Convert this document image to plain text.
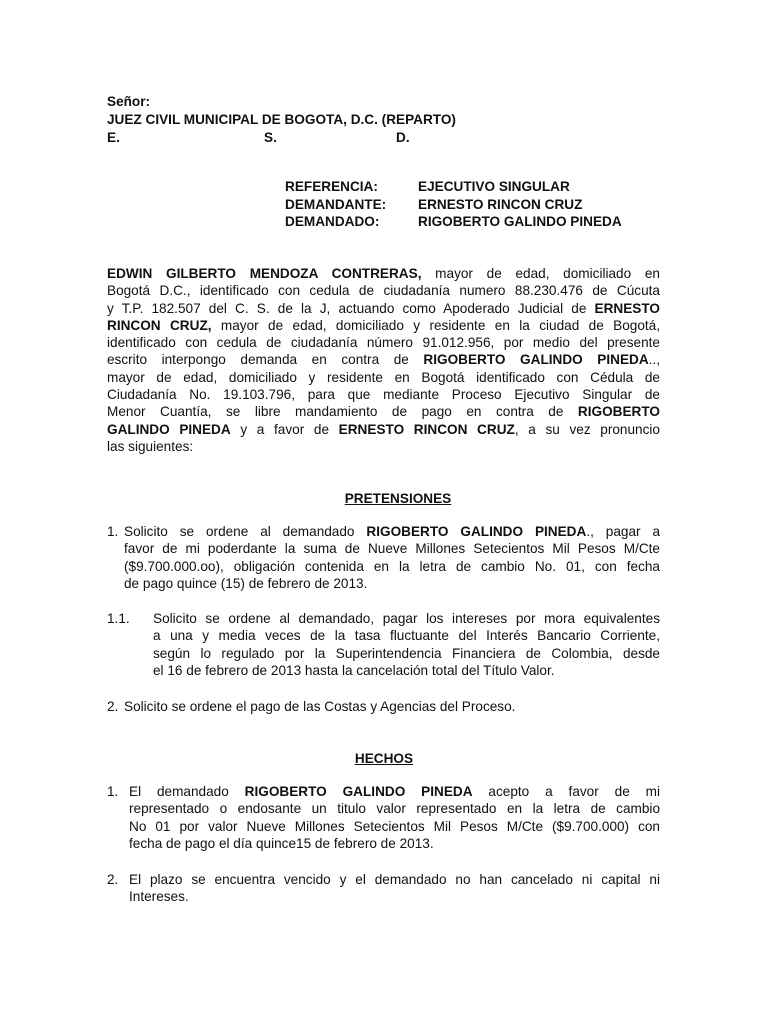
Señor:
JUEZ CIVIL MUNICIPAL DE BOGOTA, D.C. (REPARTO)
E.	S.	D.
REFERENCIA:	EJECUTIVO SINGULAR
DEMANDANTE: ERNESTO RINCON CRUZ
DEMANDADO:	RIGOBERTO GALINDO PINEDA
EDWIN GILBERTO MENDOZA CONTRERAS, mayor de edad, domiciliado en
Bogotá D.C., identificado con cedula de ciudadanía numero 88.230.476 de Cúcuta
y T.P. 182.507 del C. S. de la J, actuando como Apoderado Judicial de ERNESTO
RINCON CRUZ, mayor de edad, domiciliado y residente en la ciudad de Bogotá,
identificado con cedula de ciudadanía número 91.012.956, por medio del presente
escrito interpongo demanda en contra de RIGOBERTO GALINDO PINEDA..,
mayor de edad, domiciliado y residente en Bogotá identificado con Cédula de
Ciudadanía No. 19.103.796, para que mediante Proceso Ejecutivo Singular de
Menor Cuantía, se libre mandamiento de pago en contra de RIGOBERTO
GALINDO PINEDA y a favor de ERNESTO RINCON CRUZ, a su vez pronuncio
las siguientes:
PRETENSIONES
1. Solicito se ordene al demandado RIGOBERTO GALINDO PINEDA., pagar a
favor de mi poderdante la suma de Nueve Millones Setecientos Mil Pesos M/Cte
($9.700.000.oo), obligación contenida en la letra de cambio No. 01, con fecha
de pago quince (15) de febrero de 2013.
1.1. Solicito se ordene al demandado, pagar los intereses por mora equivalentes
a una y media veces de la tasa fluctuante del Interés Bancario Corriente,
según lo regulado por la Superintendencia Financiera de Colombia, desde
el 16 de febrero de 2013 hasta la cancelación total del Título Valor.
2. Solicito se ordene el pago de las Costas y Agencias del Proceso.
HECHOS
1. El demandado RIGOBERTO GALINDO PINEDA acepto a favor de mi
representado o endosante un titulo valor representado en la letra de cambio
No 01 por valor Nueve Millones Setecientos Mil Pesos M/Cte ($9.700.000) con
fecha de pago el día quince15 de febrero de 2013.
2. El plazo se encuentra vencido y el demandado no han cancelado ni capital ni
Intereses.
